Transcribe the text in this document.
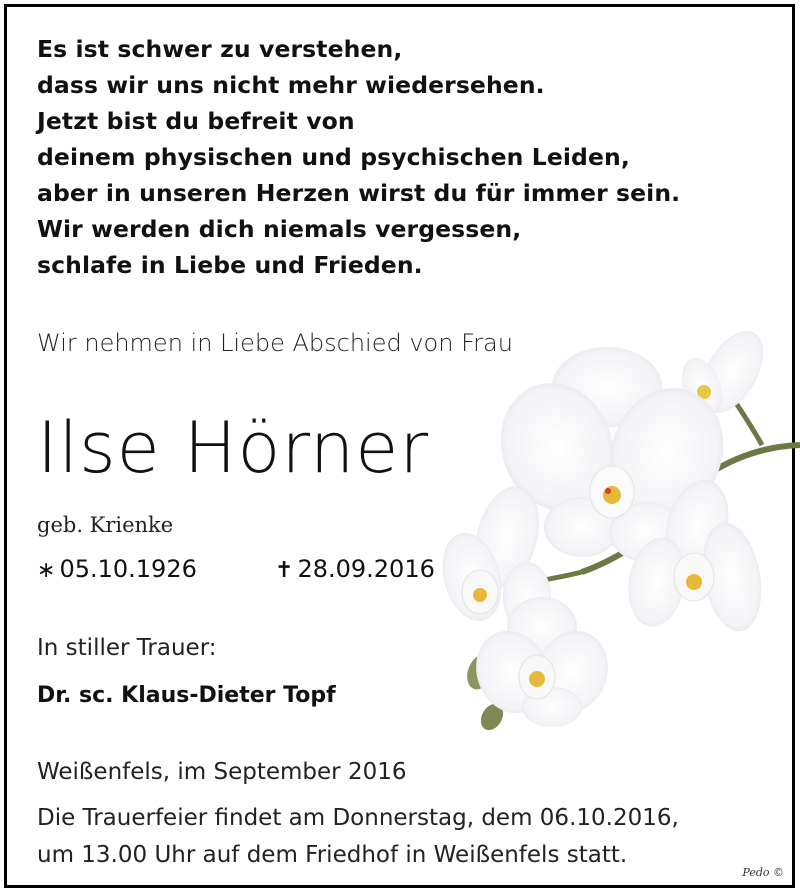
Es ist schwer zu verstehen,
dass wir uns nicht mehr wiedersehen.
Jetzt bist du befreit von
deinem physischen und psychischen Leiden,
aber in unseren Herzen wirst du für immer sein.
Wir werden dich niemals vergessen,
schlafe in Liebe und Frieden.
Wir nehmen in Liebe Abschied von Frau
Ilse Hörner
geb. Krienke
∗ 05.10.1926	✝ 28.09.2016
In stiller Trauer:
Dr. sc. Klaus-Dieter Topf
Weißenfels, im September 2016
Die Trauerfeier findet am Donnerstag, dem 06.10.2016,
um 13.00 Uhr auf dem Friedhof in Weißenfels statt.
Pedo ©
